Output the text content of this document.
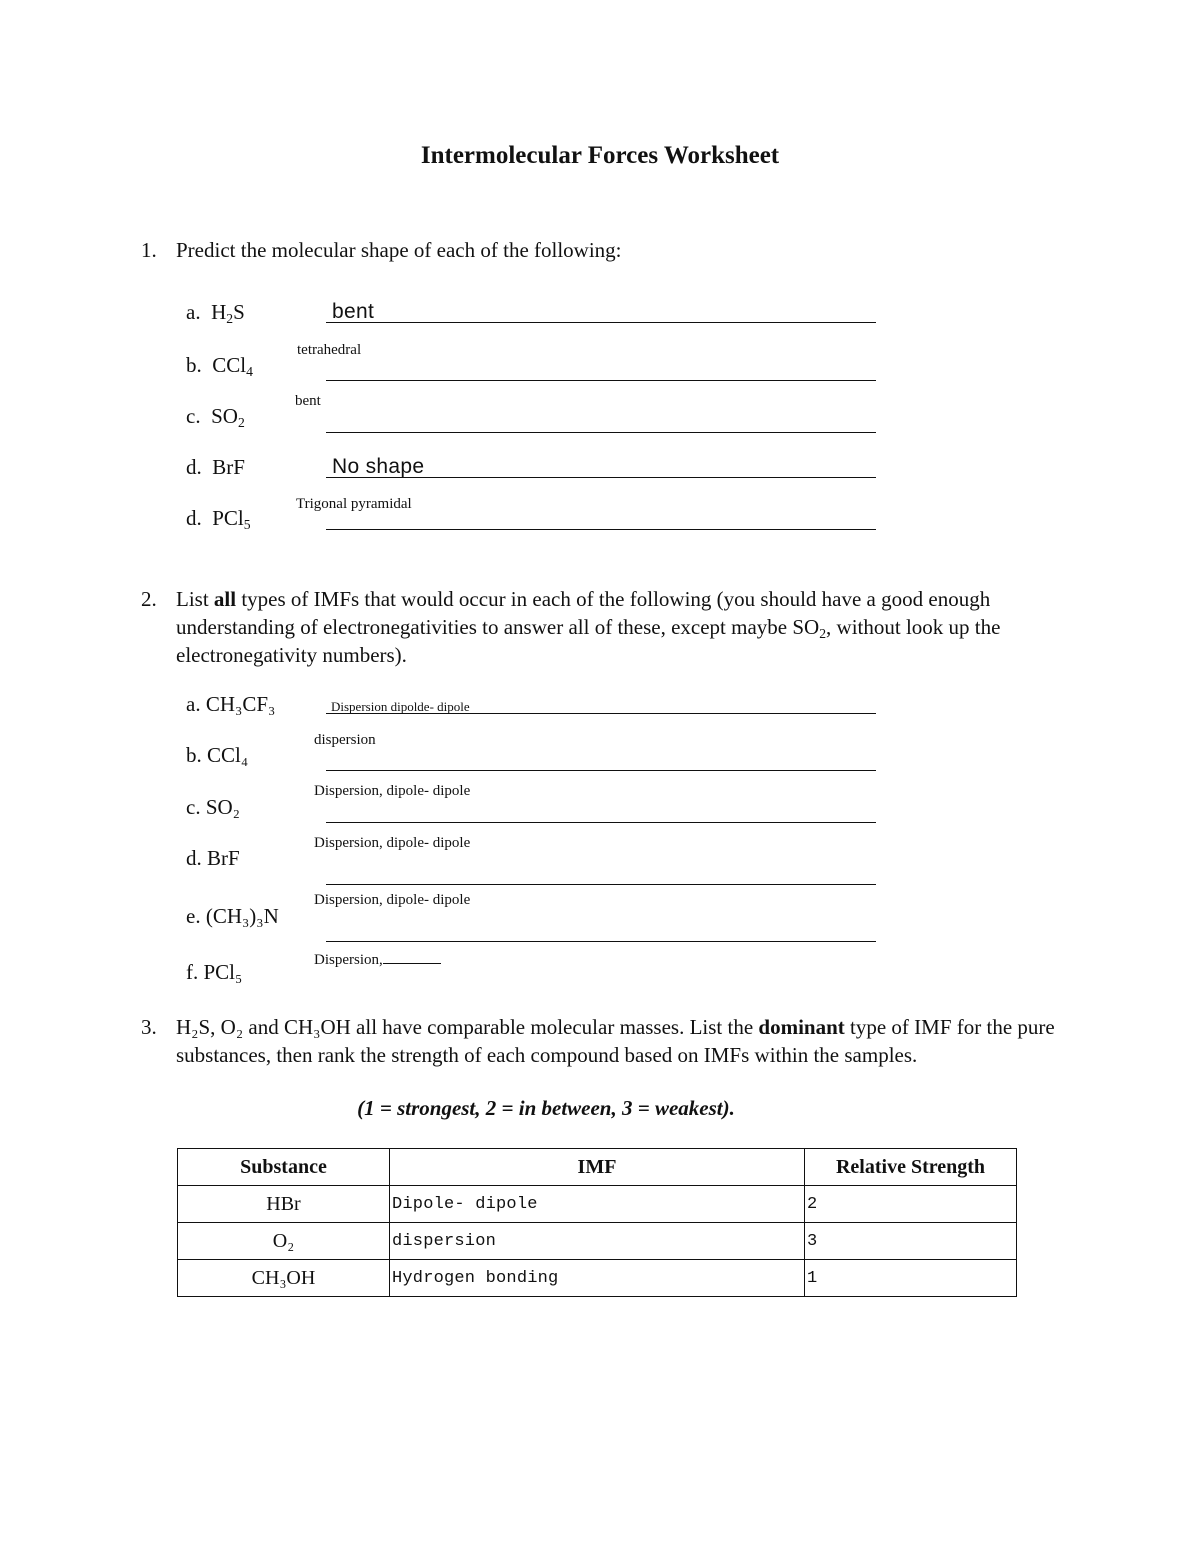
Intermolecular Forces Worksheet
1. Predict the molecular shape of each of the following:
a. $H_2S$	bent
b. CCl$_4$
tetrahedral
c. $SO_2$
bent
d. BrF	No shape
d. PCl$_5$
Trigonal pyramidal
2. List all types of IMFs that would occur in each of the following (you should have a good enough understanding of electronegativities to answer all of these, except maybe $SO_2$, without look up the electronegativity numbers).
a. CH₃CF₃	Dispersion dipolde- dipole
b. CCl₄
dispersion
c. SO₂
Dispersion, dipole- dipole
d. BrF
Dispersion, dipole- dipole
e. (CH₃)₃N
Dispersion, dipole- dipole
f. PCl₅	Dispersion,
3. H₂S, O₂ and CH₃OH all have comparable molecular masses. List the dominant type of IMF for the pure substances, then rank the strength of each compound based on IMFs within the samples.
(1 = strongest, 2 = in between, 3 = weakest).
Substance	IMF	Relative Strength
HBr	Dipole- dipole	2
O₂	dispersion	3
CH₃OH	Hydrogen bonding	1
